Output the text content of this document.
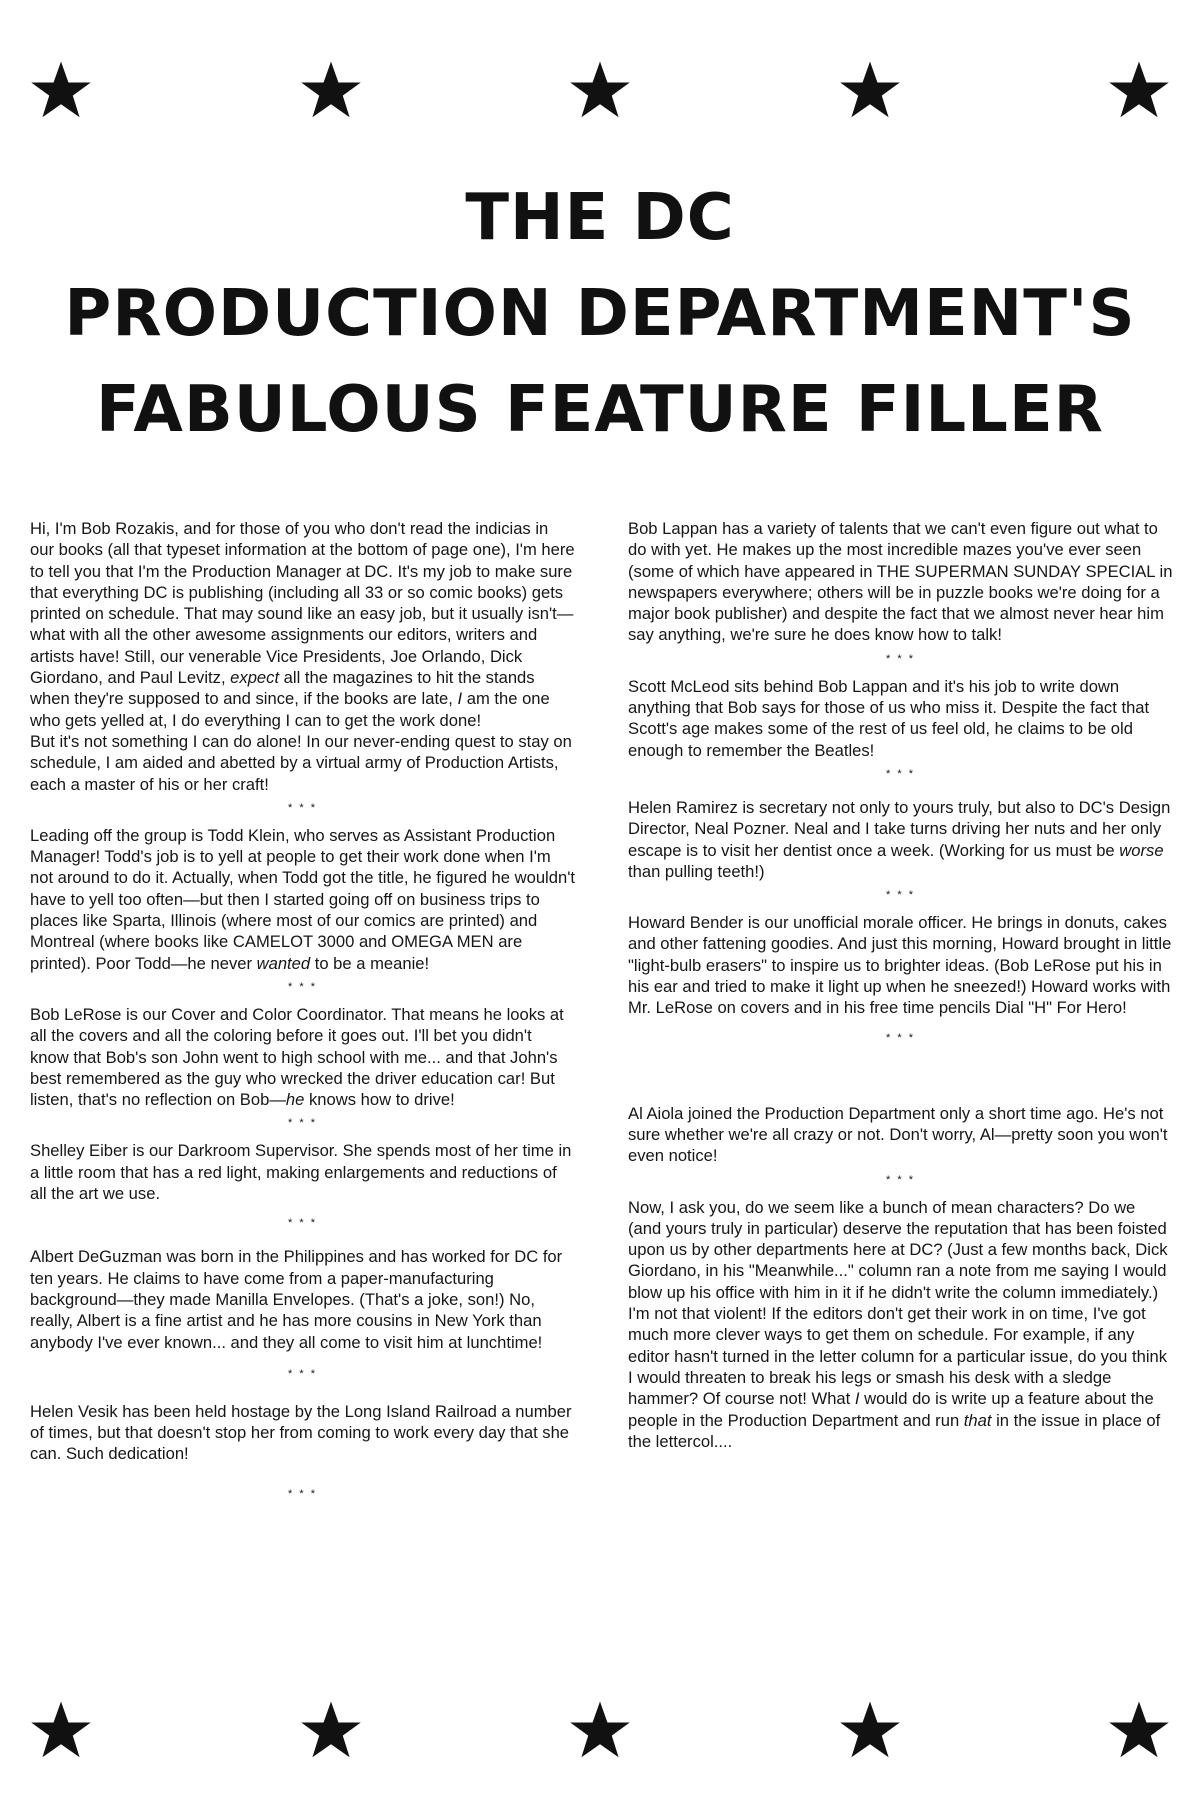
THE DC
PRODUCTION DEPARTMENT'S
FABULOUS FEATURE FILLER

Hi, I'm Bob Rozakis, and for those of you who don't read the indicias in our books (all that typeset information at the bottom of page one), I'm here to tell you that I'm the Production Manager at DC. It's my job to make sure that everything DC is publishing (including all 33 or so comic books) gets printed on schedule. That may sound like an easy job, but it usually isn't— what with all the other awesome assignments our editors, writers and artists have! Still, our venerable Vice Presidents, Joe Orlando, Dick Giordano, and Paul Levitz, expect all the magazines to hit the stands when they're supposed to and since, if the books are late, I am the one who gets yelled at, I do everything I can to get the work done!

But it's not something I can do alone! In our never-ending quest to stay on schedule, I am aided and abetted by a virtual army of Production Artists, each a master of his or her craft!

* * *

Leading off the group is Todd Klein, who serves as Assistant Production Manager! Todd's job is to yell at people to get their work done when I'm not around to do it. Actually, when Todd got the title, he figured he wouldn't have to yell too often—but then I started going off on business trips to places like Sparta, Illinois (where most of our comics are printed) and Montreal (where books like CAMELOT 3000 and OMEGA MEN are printed). Poor Todd—he never wanted to be a meanie!

* * *

Bob LeRose is our Cover and Color Coordinator. That means he looks at all the covers and all the coloring before it goes out. I'll bet you didn't know that Bob's son John went to high school with me... and that John's best remembered as the guy who wrecked the driver education car! But listen, that's no reflection on Bob—he knows how to drive!

* * *

Shelley Eiber is our Darkroom Supervisor. She spends most of her time in a little room that has a red light, making enlargements and reductions of all the art we use.

* * *

Albert DeGuzman was born in the Philippines and has worked for DC for ten years. He claims to have come from a paper-manufacturing background—they made Manilla Envelopes. (That's a joke, son!) No, really, Albert is a fine artist and he has more cousins in New York than anybody I've ever known... and they all come to visit him at lunchtime!

* * *

Helen Vesik has been held hostage by the Long Island Railroad a number of times, but that doesn't stop her from coming to work every day that she can. Such dedication!

* * *

Bob Lappan has a variety of talents that we can't even figure out what to do with yet. He makes up the most incredible mazes you've ever seen (some of which have appeared in THE SUPERMAN SUNDAY SPECIAL in newspapers everywhere; others will be in puzzle books we're doing for a major book publisher) and despite the fact that we almost never hear him say anything, we're sure he does know how to talk!

* * *

Scott McLeod sits behind Bob Lappan and it's his job to write down anything that Bob says for those of us who miss it. Despite the fact that Scott's age makes some of the rest of us feel old, he claims to be old enough to remember the Beatles!

* * *

Helen Ramirez is secretary not only to yours truly, but also to DC's Design Director, Neal Pozner. Neal and I take turns driving her nuts and her only escape is to visit her dentist once a week. (Working for us must be worse than pulling teeth!)

* * *

Howard Bender is our unofficial morale officer. He brings in donuts, cakes and other fattening goodies. And just this morning, Howard brought in little "light-bulb erasers" to inspire us to brighter ideas. (Bob LeRose put his in his ear and tried to make it light up when he sneezed!) Howard works with Mr. LeRose on covers and in his free time pencils Dial "H" For Hero!

* * *

Al Aiola joined the Production Department only a short time ago. He's not sure whether we're all crazy or not. Don't worry, Al—pretty soon you won't even notice!

* * *

Now, I ask you, do we seem like a bunch of mean characters? Do we (and yours truly in particular) deserve the reputation that has been foisted upon us by other departments here at DC? (Just a few months back, Dick Giordano, in his "Meanwhile..." column ran a note from me saying I would blow up his office with him in it if he didn't write the column immediately.) I'm not that violent! If the editors don't get their work in on time, I've got much more clever ways to get them on schedule. For example, if any editor hasn't turned in the letter column for a particular issue, do you think I would threaten to break his legs or smash his desk with a sledge hammer? Of course not! What I would do is write up a feature about the people in the Production Department and run that in the issue in place of the lettercol....
